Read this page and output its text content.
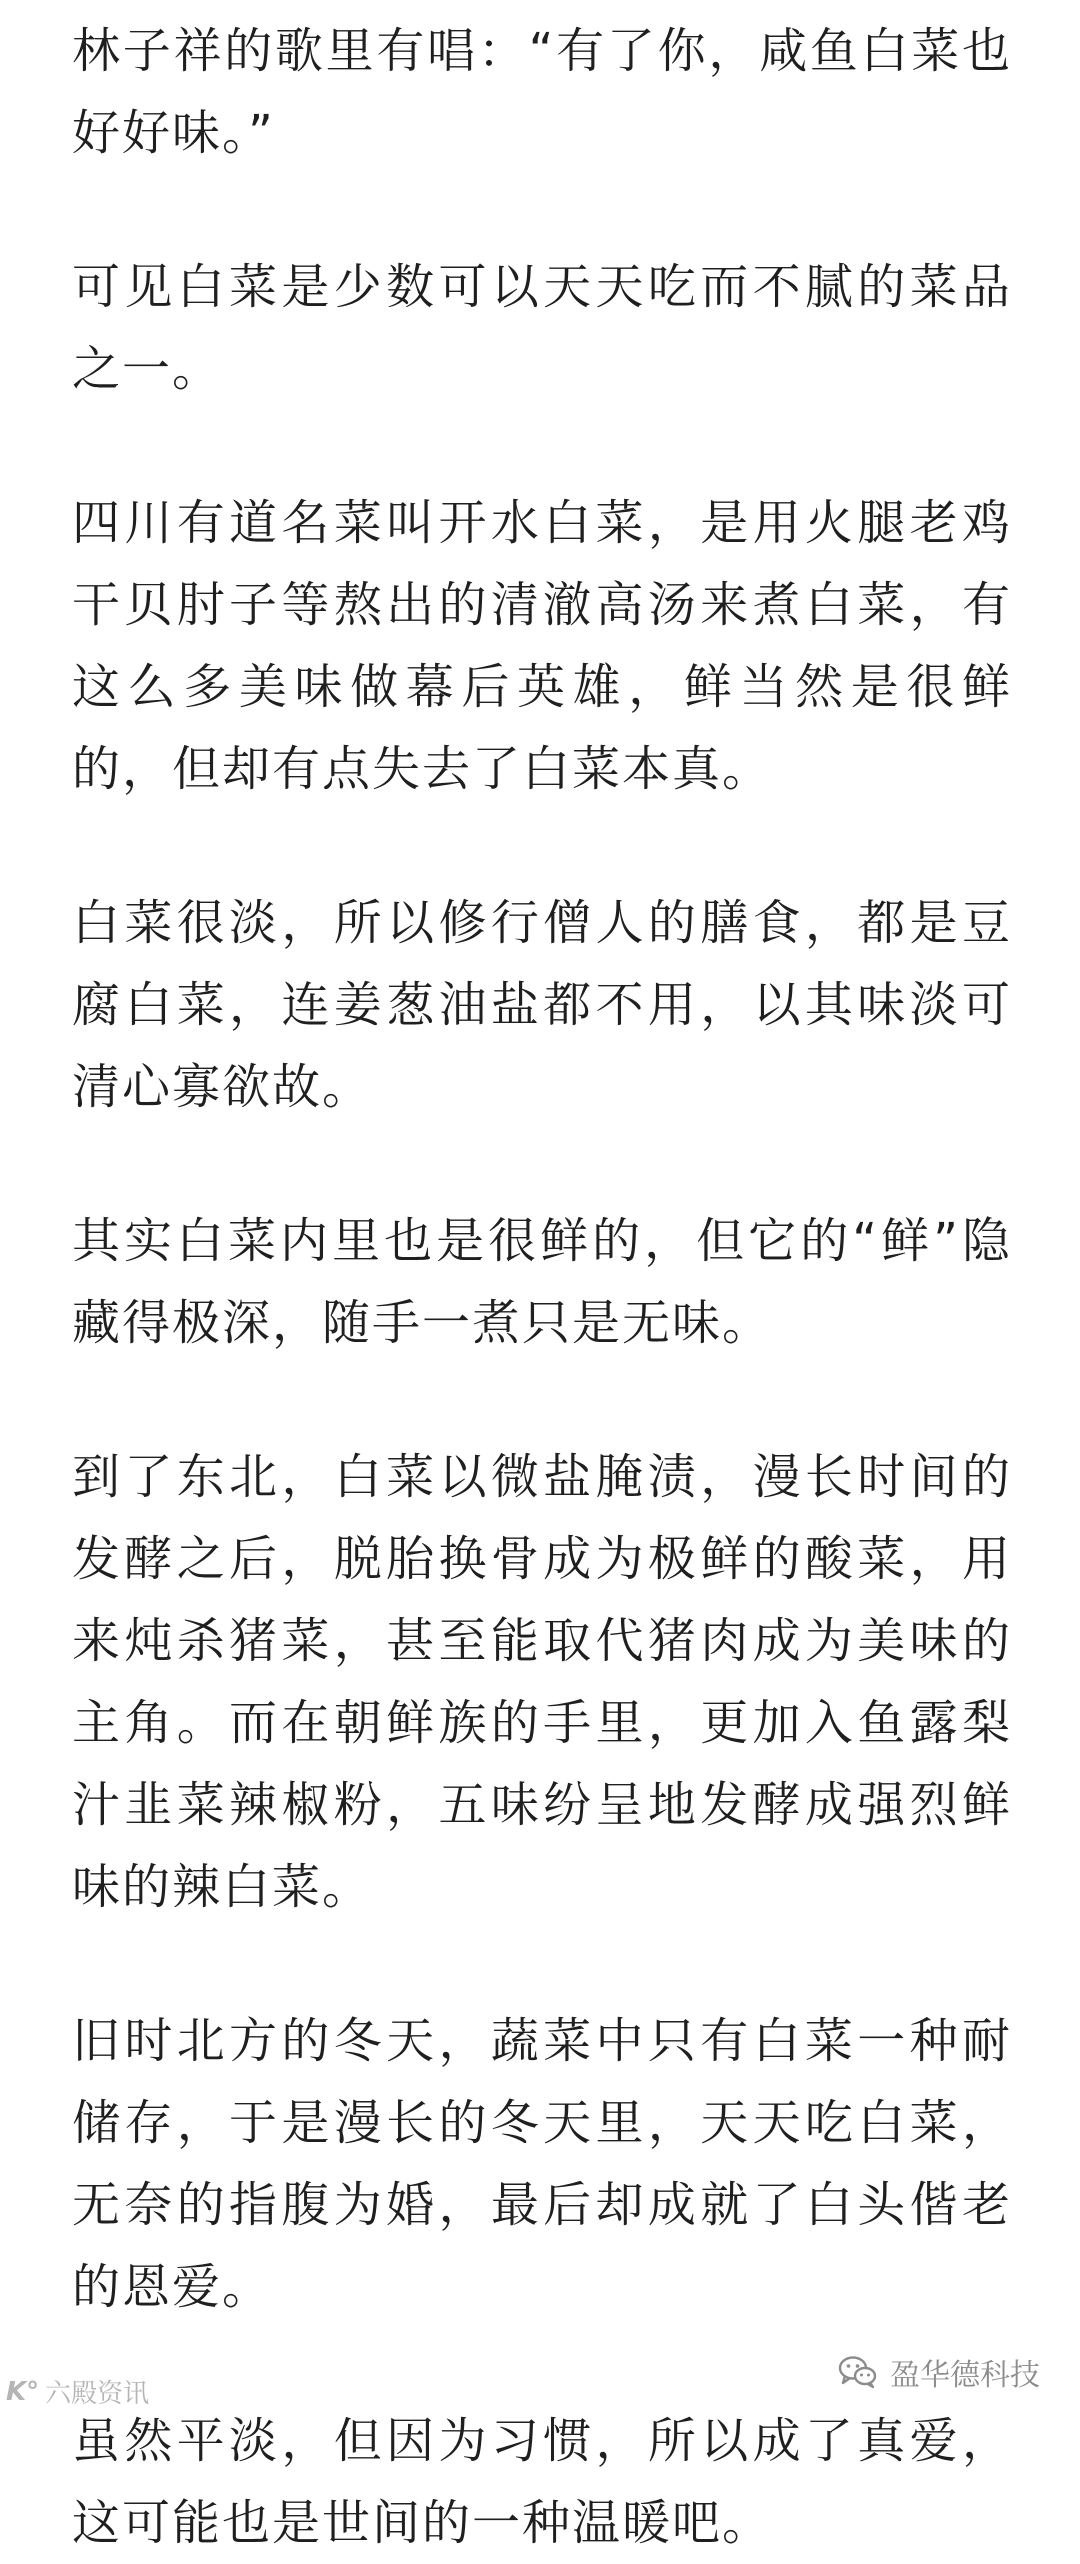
林子祥的歌里有唱：“有了你，咸鱼白菜也好好味。”

可见白菜是少数可以天天吃而不腻的菜品之一。

四川有道名菜叫开水白菜，是用火腿老鸡干贝肘子等熬出的清澈高汤来煮白菜，有这么多美味做幕后英雄，鲜当然是很鲜的，但却有点失去了白菜本真。

白菜很淡，所以修行僧人的膳食，都是豆腐白菜，连姜葱油盐都不用，以其味淡可清心寡欲故。

其实白菜内里也是很鲜的，但它的“鲜”隐藏得极深，随手一煮只是无味。

到了东北，白菜以微盐腌渍，漫长时间的发酵之后，脱胎换骨成为极鲜的酸菜，用来炖杀猪菜，甚至能取代猪肉成为美味的主角。而在朝鲜族的手里，更加入鱼露梨汁韭菜辣椒粉，五味纷呈地发酵成强烈鲜味的辣白菜。

旧时北方的冬天，蔬菜中只有白菜一种耐储存，于是漫长的冬天里，天天吃白菜，无奈的指腹为婚，最后却成就了白头偕老的恩爱。

虽然平淡，但因为习惯，所以成了真爱，这可能也是世间的一种温暖吧。

K° 六殿资讯
盈华德科技
